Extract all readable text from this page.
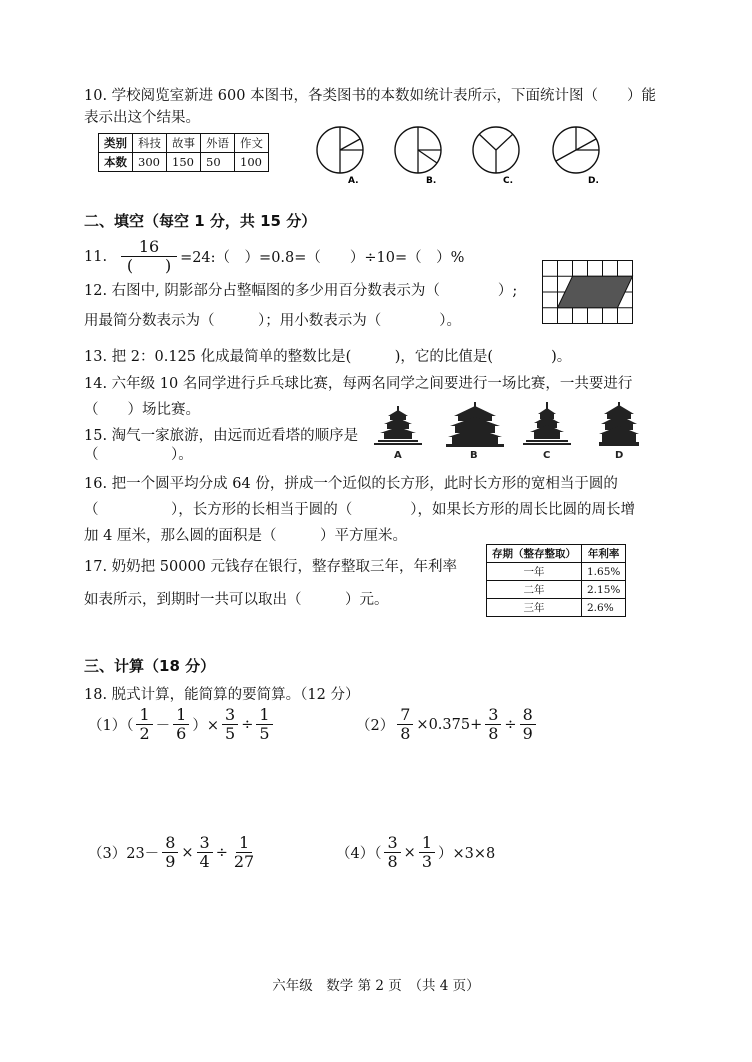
10. 学校阅览室新进 600 本图书，各类图书的本数如统计表所示，下面统计图（　　）能
表示出这个结果。
类别	科技	故事	外语	作文
本数	300	150	50	100
A.	B.	C.	D.
二、填空（每空 1 分，共 15 分）
11. $\frac{16}{( )}$ =24:（　）=0.8=（　　）÷10=（　）%
12. 右图中, 阴影部分占整幅图的多少用百分数表示为（　　　　）;
用最简分数表示为（　　　）；用小数表示为（　　　　）。
13. 把 2：0.125 化成最简单的整数比是(　　　)，它的比值是(　　　　)。
14. 六年级 10 名同学进行乒乓球比赛，每两名同学之间要进行一场比赛，一共要进行
（　　）场比赛。
15. 淘气一家旅游，由远而近看塔的顺序是
（　　　　　）。	A	B	C	D
16. 把一个圆平均分成 64 份，拼成一个近似的长方形，此时长方形的宽相当于圆的
（　　　　　），长方形的长相当于圆的（　　　　），如果长方形的周长比圆的周长增
加 4 厘米，那么圆的面积是（　　　）平方厘米。
17. 奶奶把 50000 元钱存在银行，整存整取三年，年利率
如表所示，到期时一共可以取出（　　　）元。
存期（整存整取）	年利率
一年	1.65%
二年	2.15%
三年	2.6%
三、计算（18 分）
18. 脱式计算，能简算的要简算。（12 分）
$(1)( \frac{1}{2} - \frac{1}{6}$ ）× $\frac{3}{5} \div \frac{1}{5}$	$(2) \frac{7}{8} \times 0.375+ \frac{3}{8} \div \frac{8}{9}$
$(3)23- \frac{8}{9} \times \frac{3}{4} \div \frac{1}{27}$	$(4)( \frac{3}{8} \times \frac{1}{3} )\times 3\times 8$
六年级　数学 第 2 页　（共 4 页）
